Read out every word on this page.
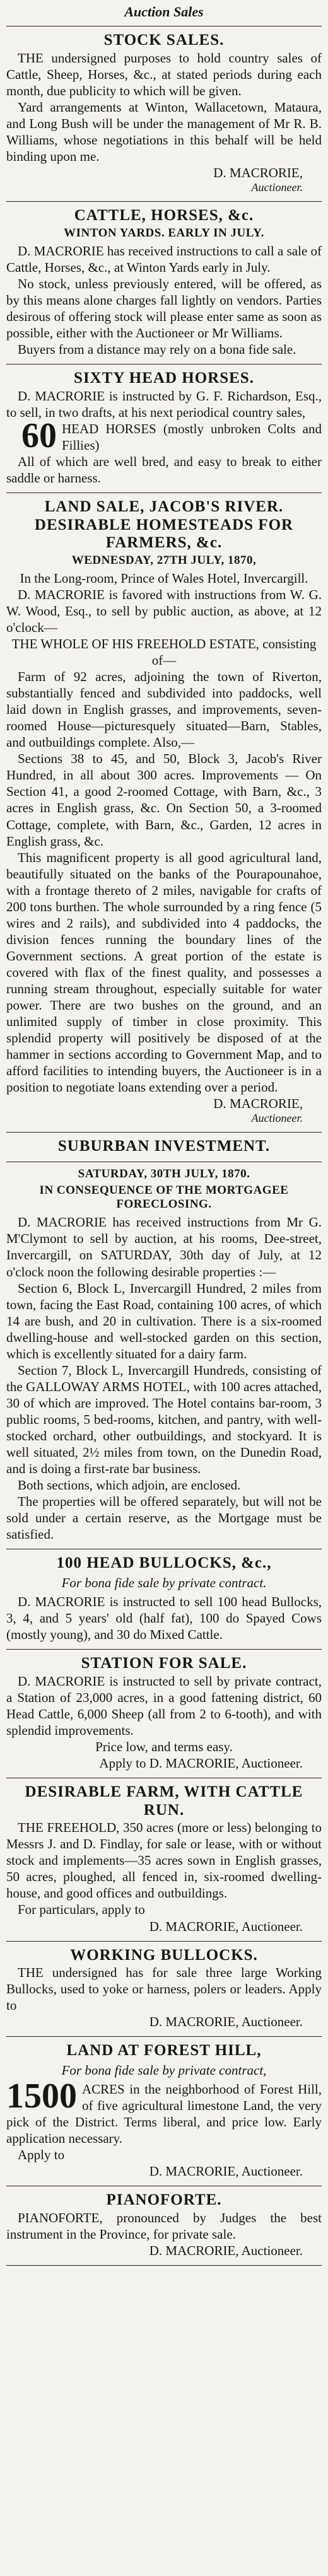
Auction Sales
STOCK SALES.

THE undersigned purposes to hold country sales of Cattle, Sheep, Horses, &c., at stated periods during each month, due publicity to which will be given.

Yard arrangements at Winton, Wallacetown, Mataura, and Long Bush will be under the management of Mr R. B. Williams, whose negotiations in this behalf will be held binding upon me.

D. MACRORIE,
Auctioneer.
CATTLE, HORSES, &c.
WINTON YARDS. EARLY IN JULY.

D. MACRORIE has received instructions to call a sale of Cattle, Horses, &c., at Winton Yards early in July.

No stock, unless previously entered, will be offered, as by this means alone charges fall lightly on vendors. Parties desirous of offering stock will please enter same as soon as possible, either with the Auctioneer or Mr Williams.

Buyers from a distance may rely on a bona fide sale.

SIXTY HEAD HORSES.

D. MACRORIE is instructed by G. F. Richardson, Esq., to sell, in two drafts, at his next periodical country sales,

60 HEAD HORSES (mostly unbroken Colts and Fillies)

All of which are well bred, and easy to break to either saddle or harness.

LAND SALE, JACOB'S RIVER.
DESIRABLE HOMESTEADS FOR FARMERS, &c.
WEDNESDAY, 27TH JULY, 1870,

In the Long-room, Prince of Wales Hotel, Invercargill.

D. MACRORIE is favored with instructions from W. G. W. Wood, Esq., to sell by public auction, as above, at 12 o'clock—

THE WHOLE OF HIS FREEHOLD ESTATE, consisting of—

Farm of 92 acres, adjoining the town of Riverton, substantially fenced and subdivided into paddocks, well laid down in English grasses, and improvements, seven-roomed House—picturesquely situated—Barn, Stables, and outbuildings complete. Also,—

Sections 38 to 45, and 50, Block 3, Jacob's River Hundred, in all about 300 acres. Improvements — On Section 41, a good 2-roomed Cottage, with Barn, &c., 3 acres in English grass, &c. On Section 50, a 3-roomed Cottage, complete, with Barn, &c., Garden, 12 acres in English grass, &c.

This magnificent property is all good agricultural land, beautifully situated on the banks of the Pourapounahoe, with a frontage thereto of 2 miles, navigable for crafts of 200 tons burthen. The whole surrounded by a ring fence (5 wires and 2 rails), and subdivided into 4 paddocks, the division fences running the boundary lines of the Government sections. A great portion of the estate is covered with flax of the finest quality, and possesses a running stream throughout, especially suitable for water power. There are two bushes on the ground, and an unlimited supply of timber in close proximity. This splendid property will positively be disposed of at the hammer in sections according to Government Map, and to afford facilities to intending buyers, the Auctioneer is in a position to negotiate loans extending over a period.

D. MACRORIE,
Auctioneer.
SUBURBAN INVESTMENT.
SATURDAY, 30TH JULY, 1870.
IN CONSEQUENCE OF THE MORTGAGEE FORECLOSING.

D. MACRORIE has received instructions from Mr G. M'Clymont to sell by auction, at his rooms, Dee-street, Invercargill, on SATURDAY, 30th day of July, at 12 o'clock noon the following desirable properties :—

Section 6, Block L, Invercargill Hundred, 2 miles from town, facing the East Road, containing 100 acres, of which 14 are bush, and 20 in cultivation. There is a six-roomed dwelling-house and well-stocked garden on this section, which is excellently situated for a dairy farm.

Section 7, Block L, Invercargill Hundreds, consisting of the GALLOWAY ARMS HOTEL, with 100 acres attached, 30 of which are improved. The Hotel contains bar-room, 3 public rooms, 5 bed-rooms, kitchen, and pantry, with well-stocked orchard, other outbuildings, and stockyard. It is well situated, 2½ miles from town, on the Dunedin Road, and is doing a first-rate bar business.

Both sections, which adjoin, are enclosed.

The properties will be offered separately, but will not be sold under a certain reserve, as the Mortgage must be satisfied.

100 HEAD BULLOCKS, &c.,
For bona fide sale by private contract.

D. MACRORIE is instructed to sell 100 head Bullocks, 3, 4, and 5 years' old (half fat), 100 do Spayed Cows (mostly young), and 30 do Mixed Cattle.

STATION FOR SALE.

D. MACRORIE is instructed to sell by private contract, a Station of 23,000 acres, in a good fattening district, 60 Head Cattle, 6,000 Sheep (all from 2 to 6-tooth), and with splendid improvements.

Price low, and terms easy.

Apply to D. MACRORIE, Auctioneer.
DESIRABLE FARM, WITH CATTLE RUN.

THE FREEHOLD, 350 acres (more or less) belonging to Messrs J. and D. Findlay, for sale or lease, with or without stock and implements—35 acres sown in English grasses, 50 acres, ploughed, all fenced in, six-roomed dwelling-house, and good offices and outbuildings.

For particulars, apply to

D. MACRORIE, Auctioneer.
WORKING BULLOCKS.

THE undersigned has for sale three large Working Bullocks, used to yoke or harness, polers or leaders. Apply to

D. MACRORIE, Auctioneer.
LAND AT FOREST HILL,
For bona fide sale by private contract,
1500 ACRES in the neighborhood of Forest Hill, of five agricultural limestone Land, the very pick of the District. Terms liberal, and price low. Early application necessary.

Apply to

D. MACRORIE, Auctioneer.
PIANOFORTE.

PIANOFORTE, pronounced by Judges the best instrument in the Province, for private sale.

D. MACRORIE, Auctioneer.
